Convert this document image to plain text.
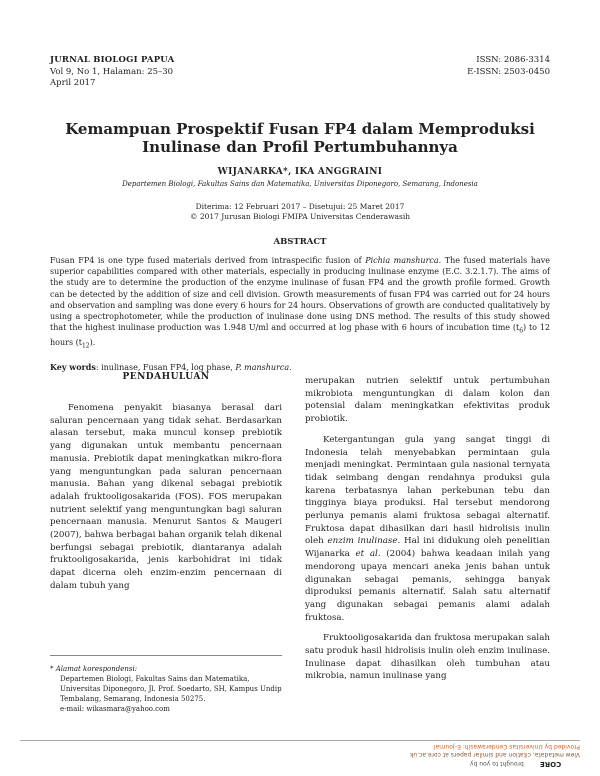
JURNAL BIOLOGI PAPUA
Vol 9, No 1, Halaman: 25–30
April 2017
ISSN: 2086-3314
E-ISSN: 2503-0450
Kemampuan Prospektif Fusan FP4 dalam Memproduksi Inulinase dan Profil Pertumbuhannya
WIJANARKA*, IKA ANGGRAINI
Departemen Biologi, Fakultas Sains dan Matematika, Universitas Diponegoro, Semarang, Indonesia
Diterima: 12 Februari 2017 – Disetujui: 25 Maret 2017
© 2017 Jurusan Biologi FMIPA Universitas Cenderawasih
ABSTRACT
Fusan FP4 is one type fused materials derived from intraspecific fusion of Pichia manshurca. The fused materials have superior capabilities compared with other materials, especially in producing inulinase enzyme (E.C. 3.2.1.7). The aims of the study are to determine the production of the enzyme inulinase of fusan FP4 and the growth profile formed. Growth can be detected by the addition of size and cell division. Growth measurements of fusan FP4 was carried out for 24 hours and observation and sampling was done every 6 hours for 24 hours. Observations of growth are conducted qualitatively by using a spectrophotometer, while the production of inulinase done using DNS method. The results of this study showed that the highest inulinase production was 1.948 U/ml and occurred at log phase with 6 hours of incubation time $(t_6)$ to 12 hours $(t_{12})$.
Key words: inulinase, Fusan FP4, log phase, P. manshurca.
PENDAHULUAN

Fenomena penyakit biasanya berasal dari saluran pencernaan yang tidak sehat. Berdasarkan alasan tersebut, maka muncul konsep prebiotik yang digunakan untuk membantu pencernaan manusia. Prebiotik dapat meningkatkan mikro-flora yang menguntungkan pada saluran pencernaan manusia. Bahan yang dikenal sebagai prebiotik adalah fruktooligosakarida (FOS). FOS merupakan nutrient selektif yang menguntungkan bagi saluran pencernaan manusia. Menurut Santos & Maugeri (2007), bahwa berbagai bahan organik telah dikenal berfungsi sebagai prebiotik, diantaranya adalah fruktooligosakarida, jenis karbohidrat ini tidak dapat dicerna oleh enzim-enzim pencernaan di dalam tubuh yang

merupakan nutrien selektif untuk pertumbuhan mikrobiota menguntungkan di dalam kolon dan potensial dalam meningkatkan efektivitas produk probiotik.

Ketergantungan gula yang sangat tinggi di Indonesia telah menyebabkan permintaan gula menjadi meningkat. Permintaan gula nasional ternyata tidak seimbang dengan rendahnya produksi gula karena terbatasnya lahan perkebunan tebu dan tingginya biaya produksi. Hal tersebut mendorong perlunya pemanis alami fruktosa sebagai alternatif. Fruktosa dapat dihasilkan dari hasil hidrolisis inulin oleh enzim inulinase. Hal ini didukung oleh penelitian Wijanarka et al. (2004) bahwa keadaan inilah yang mendorong upaya mencari aneka jenis bahan untuk digunakan sebagai pemanis, sehingga banyak diproduksi pemanis alternatif. Salah satu alternatif yang digunakan sebagai pemanis alami adalah fruktosa.

Fruktooligosakarida dan fruktosa merupakan salah satu produk hasil hidrolisis inulin oleh enzim inulinase. Inulinase dapat dihasilkan oleh tumbuhan atau mikrobia, namun inulinase yang

* Alamat korespondensi:
Departemen Biologi, Fakultas Sains dan Matematika, Universitas Diponegoro, Jl. Prof. Soedarto, SH, Kampus Undip Tembalang, Semarang, Indonesia 50275.
e-mail: wikasmara@yahoo.com
Provided by Universitas Cenderawasih: E-Journal
View metadata, citation and similar papers at core.ac.uk
brought to you by CORE
